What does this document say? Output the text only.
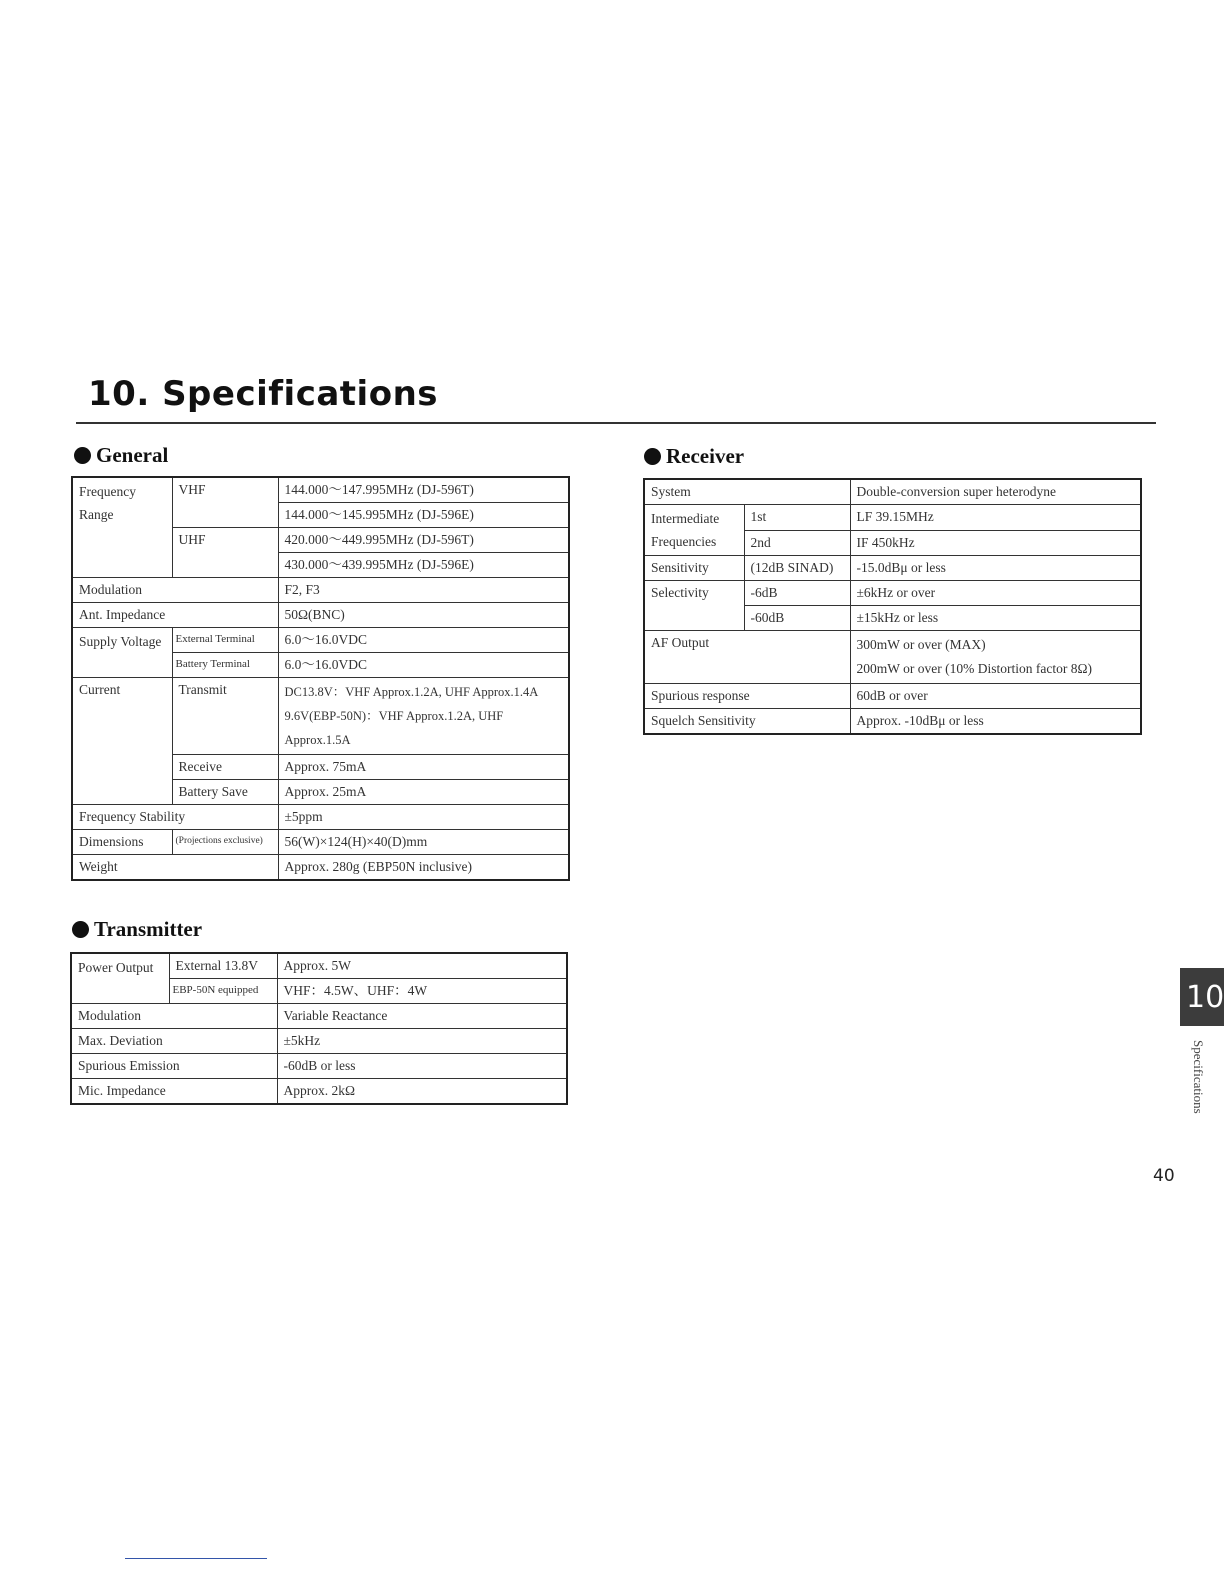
10. Specifications
General
Frequency Range	VHF	144.000～147.995MHz (DJ-596T)
		144.000～145.995MHz (DJ-596E)
	UHF	420.000～449.995MHz (DJ-596T)
		430.000～439.995MHz (DJ-596E)
Modulation		F2, F3
Ant. Impedance		50Ω(BNC)
Supply Voltage	External Terminal	6.0～16.0VDC
	Battery Terminal	6.0～16.0VDC
Current	Transmit	DC13.8V：VHF Approx.1.2A, UHF Approx.1.4A
9.6V(EBP-50N)：VHF Approx.1.2A, UHF Approx.1.5A

	Receive	Approx. 75mA
	Battery Save	Approx. 25mA
Frequency Stability		±5ppm
Dimensions	(Projections exclusive)	56(W)×124(H)×40(D)mm
Weight		Approx. 280g (EBP50N inclusive)
Transmitter
Power Output	External 13.8V	Approx. 5W
	EBP-50N equipped	VHF：4.5W、UHF：4W
Modulation		Variable Reactance
Max. Deviation		±5kHz
Spurious Emission		-60dB or less
Mic. Impedance		Approx. 2kΩ
Receiver
System		Double-conversion super heterodyne
Intermediate Frequencies	1st	LF 39.15MHz
	2nd	IF 450kHz
Sensitivity	(12dB SINAD)	-15.0dBμ or less
Selectivity	-6dB	±6kHz or over
	-60dB	±15kHz or less
AF Output		300mW or over (MAX)
200mW or over (10% Distortion factor 8Ω)

Spurious response		60dB or over
Squelch Sensitivity		Approx. -10dBμ or less
10
Specifications
40
